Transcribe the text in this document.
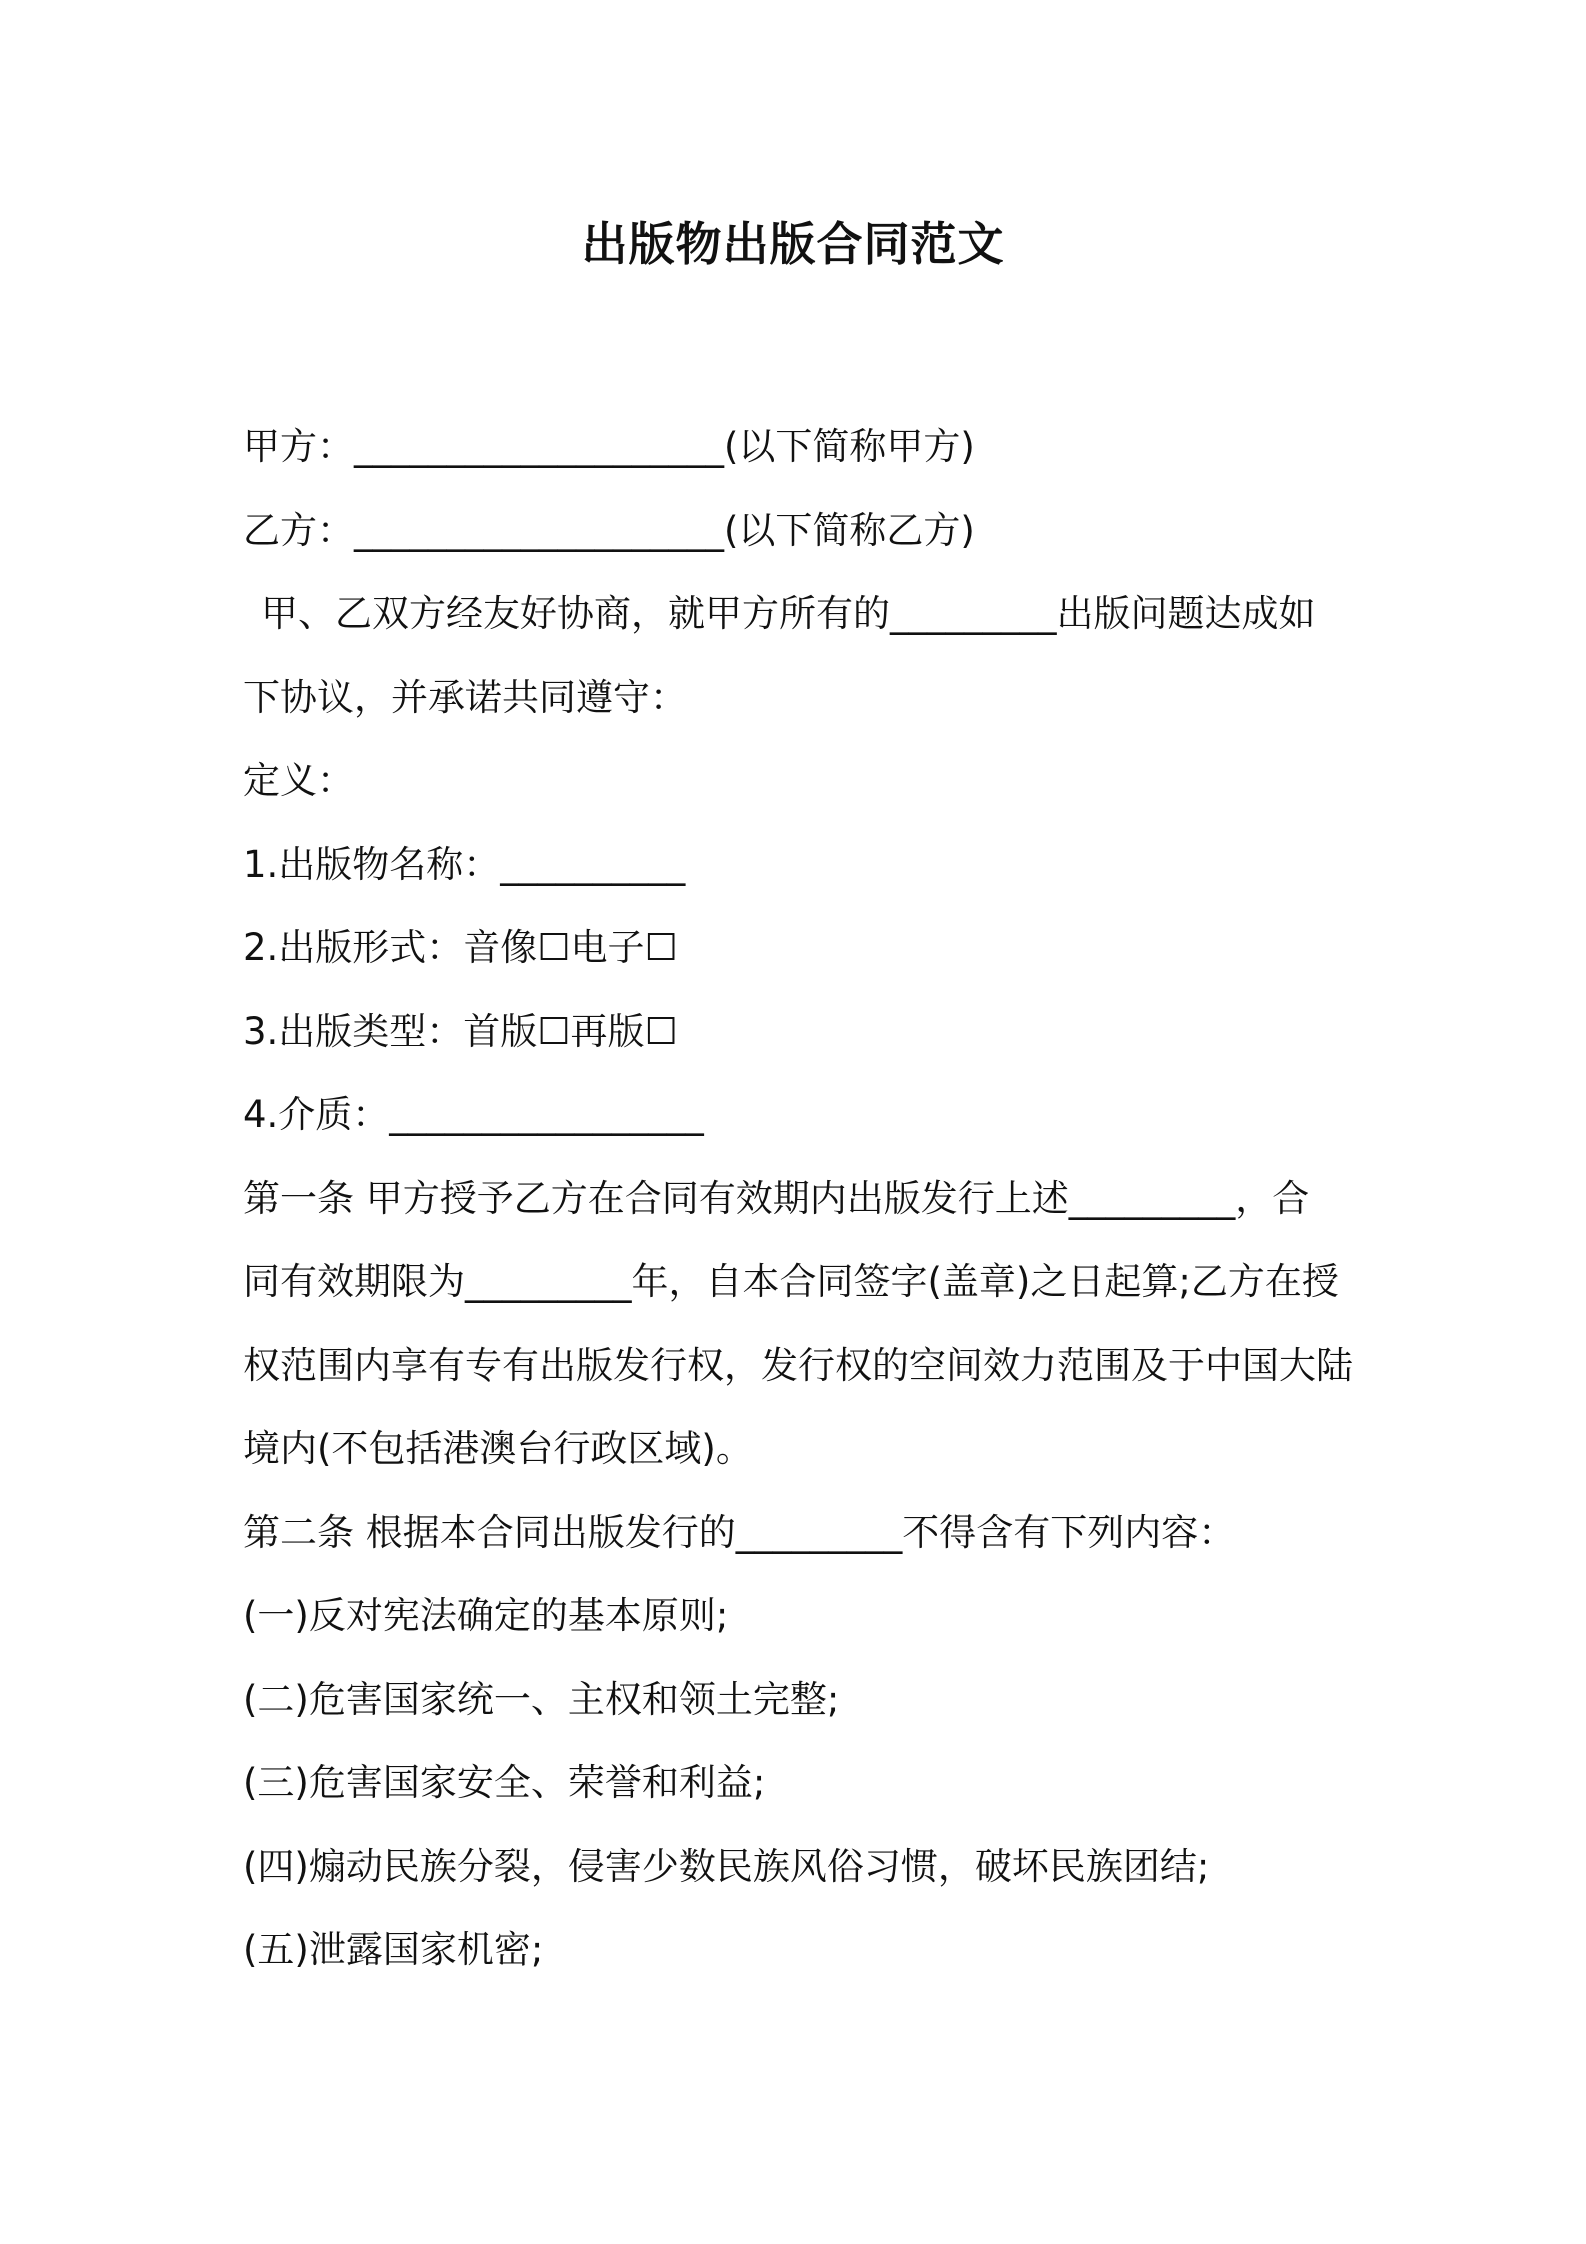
出版物出版合同范文

甲方：____________________(以下简称甲方)

乙方：____________________(以下简称乙方)

甲、乙双方经友好协商，就甲方所有的_________出版问题达成如

下协议，并承诺共同遵守：

定义：

1.出版物名称：__________

2.出版形式：音像☐电子☐

3.出版类型：首版☐再版☐

4.介质：_________________

第一条 甲方授予乙方在合同有效期内出版发行上述_________，合

同有效期限为_________年，自本合同签字(盖章)之日起算;乙方在授

权范围内享有专有出版发行权，发行权的空间效力范围及于中国大陆

境内(不包括港澳台行政区域)。

第二条 根据本合同出版发行的_________不得含有下列内容：

(一)反对宪法确定的基本原则;

(二)危害国家统一、主权和领土完整;

(三)危害国家安全、荣誉和利益;

(四)煽动民族分裂，侵害少数民族风俗习惯，破坏民族团结;

(五)泄露国家机密;
